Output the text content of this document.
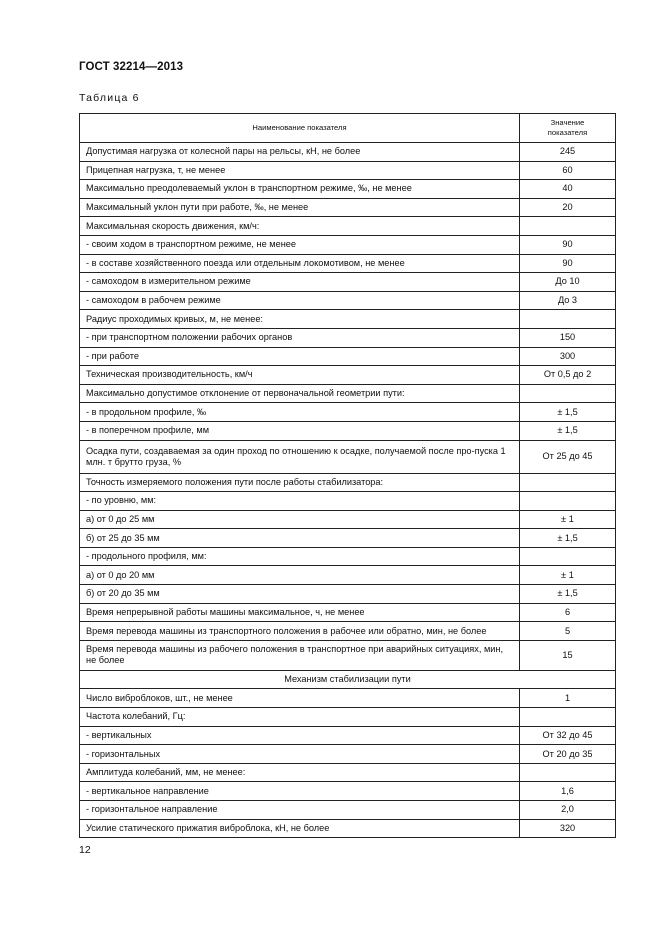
ГОСТ 32214—2013
Таблица 6
Наименование показателя	Значение
показателя

Допустимая нагрузка от колесной пары на рельсы, кН, не более	245
Прицепная нагрузка, т, не менее	60
Максимально преодолеваемый уклон в транспортном режиме, ‰, не менее	40
Максимальный уклон пути при работе, ‰, не менее	20
Максимальная скорость движения, км/ч:	
- своим ходом в транспортном режиме, не менее	90
- в составе хозяйственного поезда или отдельным локомотивом, не менее	90
- самоходом в измерительном режиме	До 10
- самоходом в рабочем режиме	До 3
Радиус проходимых кривых, м, не менее:	
- при транспортном положении рабочих органов	150
- при работе	300
Техническая производительность, км/ч	От 0,5 до 2
Максимально допустимое отклонение от первоначальной геометрии пути:	
- в продольном профиле, ‰	± 1,5
- в поперечном профиле, мм	± 1,5
Осадка пути, создаваемая за один проход по отношению к осадке, получаемой после про-пуска 1 млн. т брутто груза, %	От 25 до 45
Точность измеряемого положения пути после работы стабилизатора:	
- по уровню, мм:	
а) от 0 до 25 мм	± 1
б) от 25 до 35 мм	± 1,5
- продольного профиля, мм:	
а) от 0 до 20 мм	± 1
б) от 20 до 35 мм	± 1,5
Время непрерывной работы машины максимальное, ч, не менее	6
Время перевода машины из транспортного положения в рабочее или обратно, мин, не более	5
Время перевода машины из рабочего положения в транспортное при аварийных ситуациях, мин, не более	15
Механизм стабилизации пути	
Число виброблоков, шт., не менее	1
Частота колебаний, Гц:	
- вертикальных	От 32 до 45
- горизонтальных	От 20 до 35
Амплитуда колебаний, мм, не менее:	
- вертикальное направление	1,6
- горизонтальное направление	2,0
Усилие статического прижатия виброблока, кН, не более	320
12
